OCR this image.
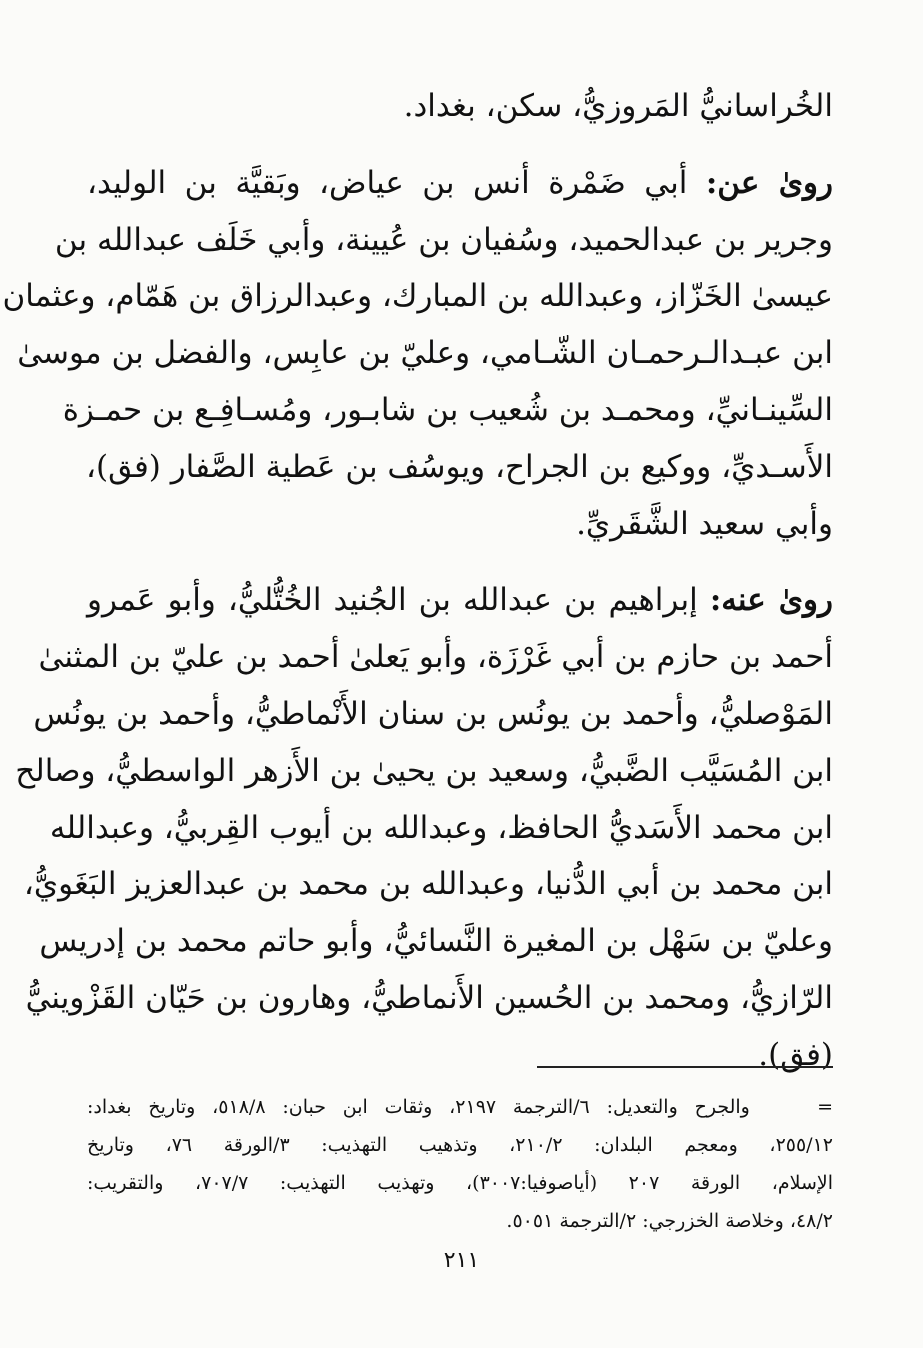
الخُراسانيُّ المَروزيُّ، سكن، بغداد.
روىٰ عن: أبي ضَمْرة أنس بن عياض، وبَقيَّة بن الوليد،
وجرير بن عبدالحميد، وسُفيان بن عُيينة، وأبي خَلَف عبدالله بن
عيسىٰ الخَزّاز، وعبدالله بن المبارك، وعبدالرزاق بن هَمّام، وعثمان
ابن عبـدالـرحمـان الشّـامي، وعليّ بن عابِس، والفضل بن موسىٰ
السِّينـانيِّ، ومحمـد بن شُعيب بن شابـور، ومُسـافِـع بن حمـزة
الأَسـديِّ، ووكيع بن الجراح، ويوسُف بن عَطية الصَّفار (فق)،
وأبي سعيد الشَّقَريِّ.
روىٰ عنه: إبراهيم بن عبدالله بن الجُنيد الخُتُّليُّ، وأبو عَمرو
أحمد بن حازم بن أبي غَرْزَة، وأبو يَعلىٰ أحمد بن عليّ بن المثنىٰ
المَوْصليُّ، وأحمد بن يونُس بن سنان الأَنْماطيُّ، وأحمد بن يونُس
ابن المُسَيَّب الضَّبيُّ، وسعيد بن يحيىٰ بن الأَزهر الواسطيُّ، وصالح
ابن محمد الأَسَديُّ الحافظ، وعبدالله بن أيوب القِربيُّ، وعبدالله
ابن محمد بن أبي الدُّنيا، وعبدالله بن محمد بن عبدالعزيز البَغَويُّ،
وعليّ بن سَهْل بن المغيرة النَّسائيُّ، وأبو حاتم محمد بن إدريس
الرّازيُّ، ومحمد بن الحُسين الأَنماطيُّ، وهارون بن حَيّان القَزْوينيُّ
(فق).
=    والجرح والتعديل: ٦/الترجمة ٢١٩٧، وثقات ابن حبان: ٥١٨/٨، وتاريخ بغداد:
٢٥٥/١٢، ومعجم البلدان: ٢١٠/٢، وتذهيب التهذيب: ٣/الورقة ٧٦، وتاريخ
الإسلام، الورقة ٢٠٧ (أياصوفيا:٣٠٠٧)، وتهذيب التهذيب: ٧٠٧/٧، والتقريب:
٤٨/٢، وخلاصة الخزرجي: ٢/الترجمة ٥٠٥١.
٢١١
